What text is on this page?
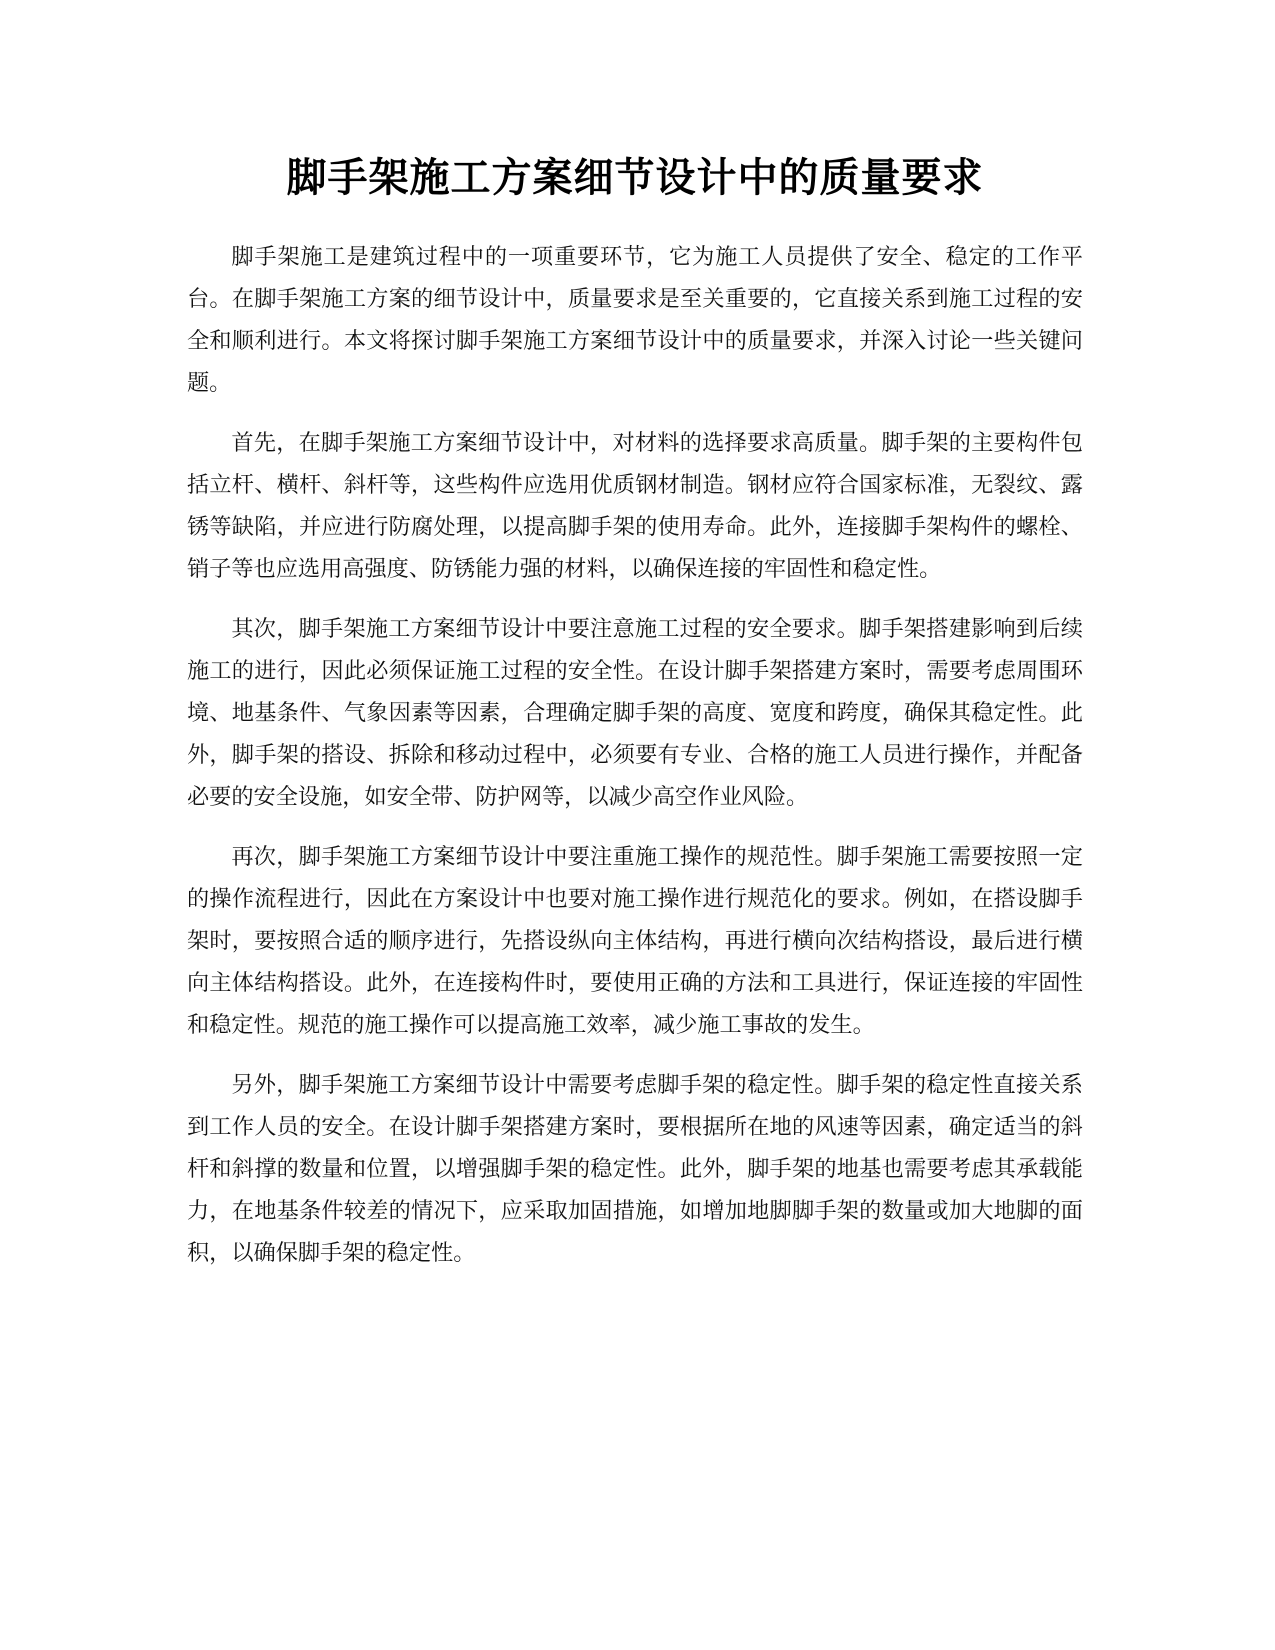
脚手架施工方案细节设计中的质量要求

脚手架施工是建筑过程中的一项重要环节，它为施工人员提供了安全、稳定的工作平台。在脚手架施工方案的细节设计中，质量要求是至关重要的，它直接关系到施工过程的安全和顺利进行。本文将探讨脚手架施工方案细节设计中的质量要求，并深入讨论一些关键问题。

首先，在脚手架施工方案细节设计中，对材料的选择要求高质量。脚手架的主要构件包括立杆、横杆、斜杆等，这些构件应选用优质钢材制造。钢材应符合国家标准，无裂纹、露锈等缺陷，并应进行防腐处理，以提高脚手架的使用寿命。此外，连接脚手架构件的螺栓、销子等也应选用高强度、防锈能力强的材料，以确保连接的牢固性和稳定性。

其次，脚手架施工方案细节设计中要注意施工过程的安全要求。脚手架搭建影响到后续施工的进行，因此必须保证施工过程的安全性。在设计脚手架搭建方案时，需要考虑周围环境、地基条件、气象因素等因素，合理确定脚手架的高度、宽度和跨度，确保其稳定性。此外，脚手架的搭设、拆除和移动过程中，必须要有专业、合格的施工人员进行操作，并配备必要的安全设施，如安全带、防护网等，以减少高空作业风险。

再次，脚手架施工方案细节设计中要注重施工操作的规范性。脚手架施工需要按照一定的操作流程进行，因此在方案设计中也要对施工操作进行规范化的要求。例如，在搭设脚手架时，要按照合适的顺序进行，先搭设纵向主体结构，再进行横向次结构搭设，最后进行横向主体结构搭设。此外，在连接构件时，要使用正确的方法和工具进行，保证连接的牢固性和稳定性。规范的施工操作可以提高施工效率，减少施工事故的发生。

另外，脚手架施工方案细节设计中需要考虑脚手架的稳定性。脚手架的稳定性直接关系到工作人员的安全。在设计脚手架搭建方案时，要根据所在地的风速等因素，确定适当的斜杆和斜撑的数量和位置，以增强脚手架的稳定性。此外，脚手架的地基也需要考虑其承载能力，在地基条件较差的情况下，应采取加固措施，如增加地脚脚手架的数量或加大地脚的面积，以确保脚手架的稳定性。
